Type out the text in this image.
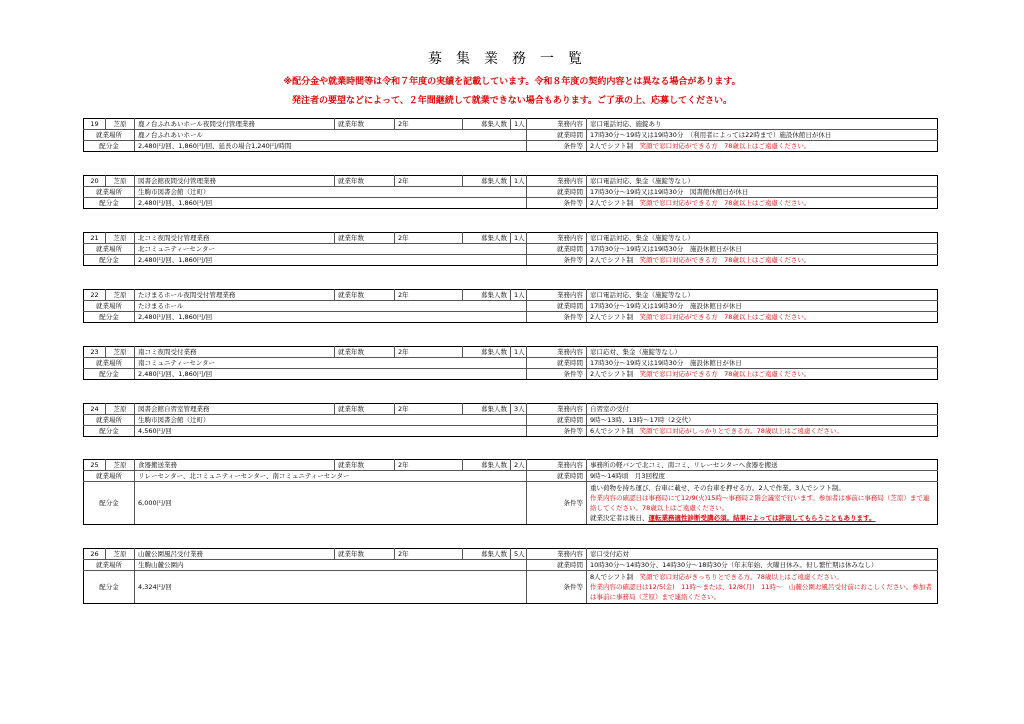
募集業務一覧
※配分金や就業時間等は令和７年度の実績を記載しています。令和８年度の契約内容とは異なる場合があります。
発注者の要望などによって、２年間継続して就業できない場合もあります。ご了承の上、応募してください。
19	芝原	鹿ノ台ふれあいホール夜間受付管理業務	就業年数	2年	募集人数	1人	業務内容	窓口電話対応、施錠あり
就業場所		鹿ノ台ふれあいホール					就業時間	17時30分～19時又は19時30分　（利用者によっては22時まで）施設休館日が休日
配分金		2,480円/回、1,860円/回、延長の場合1,240円/時間					条件等	2人でシフト制　 笑顔で窓口対応ができる方　78歳以上はご遠慮ください。
20	芝原	図書会館夜間受付管理業務	就業年数	2年	募集人数	1人	業務内容	窓口電話対応、集金（施錠等なし）
就業場所		生駒市図書会館（辻町）					就業時間	17時30分～19時又は19時30分　図書館休館日が休日
配分金		2,480円/回、1,860円/回					条件等	2人でシフト制　 笑顔で窓口対応ができる方　78歳以上はご遠慮ください。
21	芝原	北コミ夜間受付管理業務	就業年数	2年	募集人数	1人	業務内容	窓口電話対応、集金（施錠等なし）
就業場所		北コミュニティーセンター					就業時間	17時30分～19時又は19時30分　施設休館日が休日
配分金		2,480円/回、1,860円/回					条件等	2人でシフト制　 笑顔で窓口対応ができる方　78歳以上はご遠慮ください。
22	芝原	たけまるホール夜間受付管理業務	就業年数	2年	募集人数	1人	業務内容	窓口電話対応、集金（施錠等なし）
就業場所		たけまるホール					就業時間	17時30分～19時又は19時30分　施設休館日が休日
配分金		2,480円/回、1,860円/回					条件等	2人でシフト制　 笑顔で窓口対応ができる方　78歳以上はご遠慮ください。
23	芝原	南コミ夜間受付業務	就業年数	2年	募集人数	1人	業務内容	窓口応対、集金（施錠等なし）
就業場所		南コミュニティーセンター					就業時間	17時30分～19時又は19時30分　施設休館日が休日
配分金		2,480円/回、1,860円/回					条件等	2人でシフト制　 笑顔で窓口対応ができる方　78歳以上はご遠慮ください。
24	芝原	図書会館自習室管理業務	就業年数	2年	募集人数	3人	業務内容	自習室の受付
就業場所		生駒市図書会館（辻町）					就業時間	9時～13時、13時～17時（2交代）
配分金		4,560円/回					条件等	6人でシフト制　 笑顔で窓口対応がしっかりとできる方。78歳以上はご遠慮ください。
25	芝原	食器搬送業務	就業年数	2年	募集人数	2人	業務内容	事務所の軽バンで北コミ、南コミ、リレーセンターへ食器を搬送
就業場所		リレーセンター、北コミュニティーセンター、南コミュニティーセンター					就業時間	9時～14時頃　月3回程度
配分金		6,000円/回					条件等	重い荷物を持ち運び、台車に載せ、その台車を押せる方。2人で作業。3人でシフト制。
作業内容の確認日は事務局にて12/9(火)15時～事務局２階会議室で行います。参加者は事前に事務局（芝原）まで連絡してください。78歳以上はご遠慮ください。
就業決定者は後日、運転業務適性診断受講必須。結果によっては辞退してもらうこともあります。
26	芝原	山麓公園風呂受付業務	就業年数	2年	募集人数	5人	業務内容	窓口受付応対
就業場所		生駒山麓公園内					就業時間	10時30分～14時30分、14時30分～18時30分（年末年始、火曜日休み。但し繁忙期は休みなし）
配分金		4,324円/回					条件等	8人でシフト制　 笑顔で窓口対応がきっちりとできる方。78歳以上はご遠慮ください。
作業内容の確認日は12/5(金)　11時～または、12/8(月)　11時～　山麓公園お風呂受付前におこしください。参加者は事前に事務局（芝原）まで連絡ください。
